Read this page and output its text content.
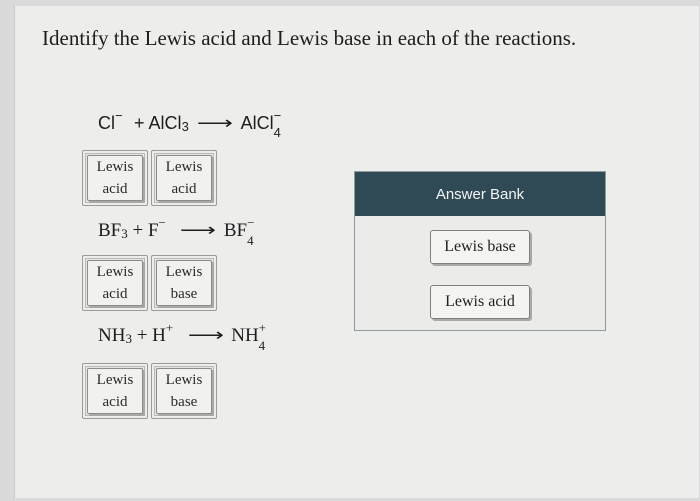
Identify the Lewis acid and Lewis base in each of the reactions.
Cl − + AlCl$_3$ ⟶ AlCl −
4
Lewis
acid
Lewis
acid
$BF_3 + F$ − ⟶ BF −
4
Lewis
acid
Lewis
base
$NH_3 + H$ + ⟶ NH +
4
Lewis
acid
Lewis
base
Answer Bank
Lewis base
Lewis acid
